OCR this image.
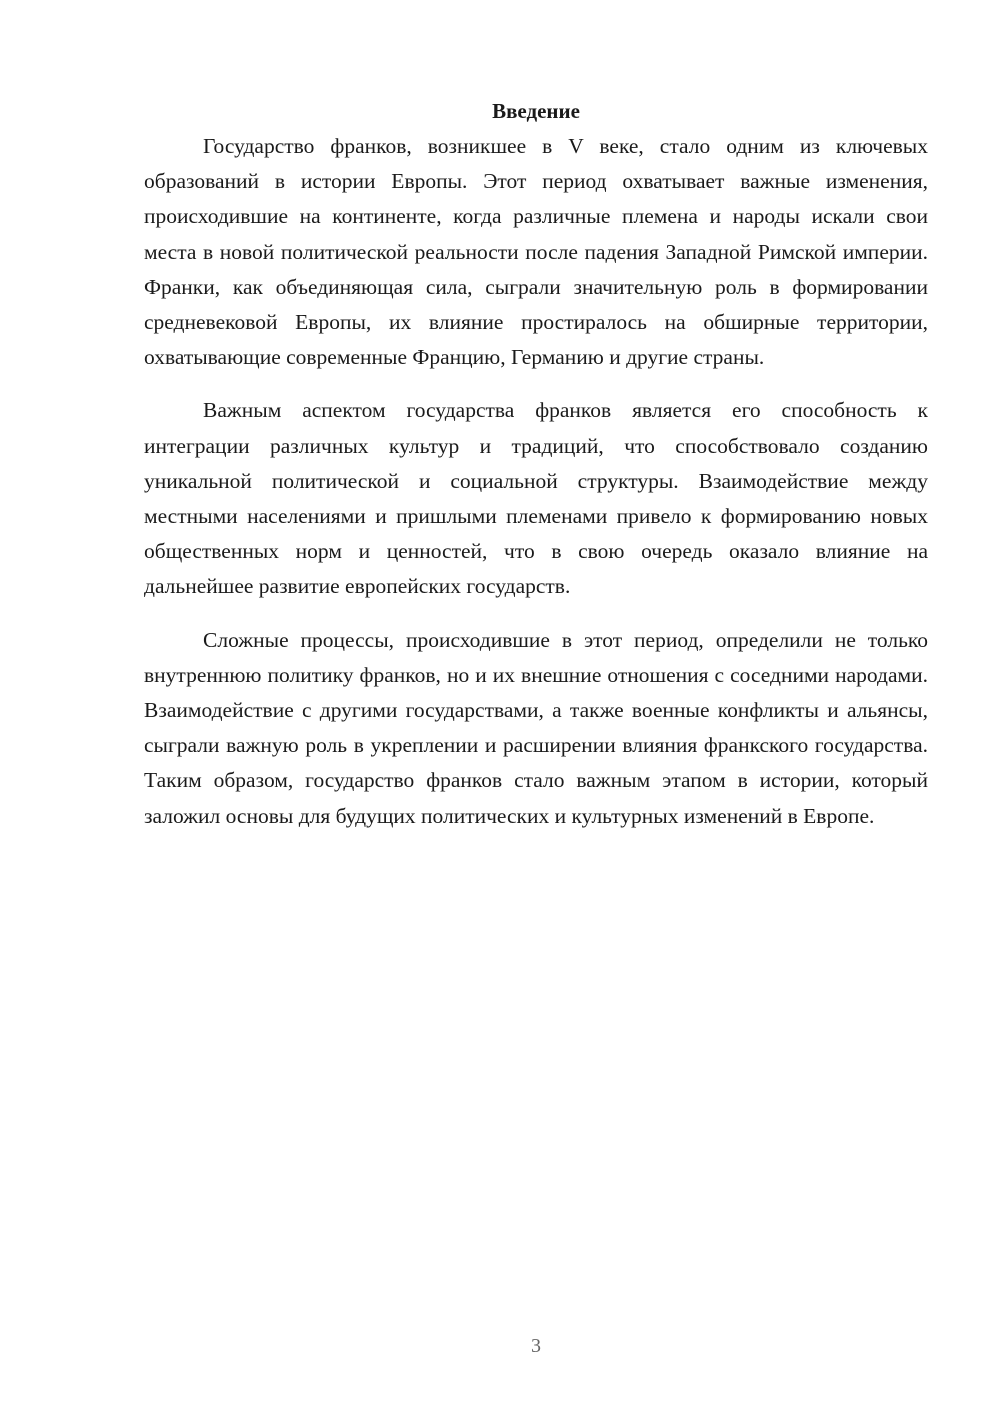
Введение

Государство франков, возникшее в V веке, стало одним из ключевых образований в истории Европы. Этот период охватывает важные изменения, происходившие на континенте, когда различные племена и народы искали свои места в новой политической реальности после падения Западной Римской империи. Франки, как объединяющая сила, сыграли значительную роль в формировании средневековой Европы, их влияние простиралось на обширные территории, охватывающие современные Францию, Германию и другие страны.

Важным аспектом государства франков является его способность к интеграции различных культур и традиций, что способствовало созданию уникальной политической и социальной структуры. Взаимодействие между местными населениями и пришлыми племенами привело к формированию новых общественных норм и ценностей, что в свою очередь оказало влияние на дальнейшее развитие европейских государств.

Сложные процессы, происходившие в этот период, определили не только внутреннюю политику франков, но и их внешние отношения с соседними народами. Взаимодействие с другими государствами, а также военные конфликты и альянсы, сыграли важную роль в укреплении и расширении влияния франкского государства. Таким образом, государство франков стало важным этапом в истории, который заложил основы для будущих политических и культурных изменений в Европе.

3
